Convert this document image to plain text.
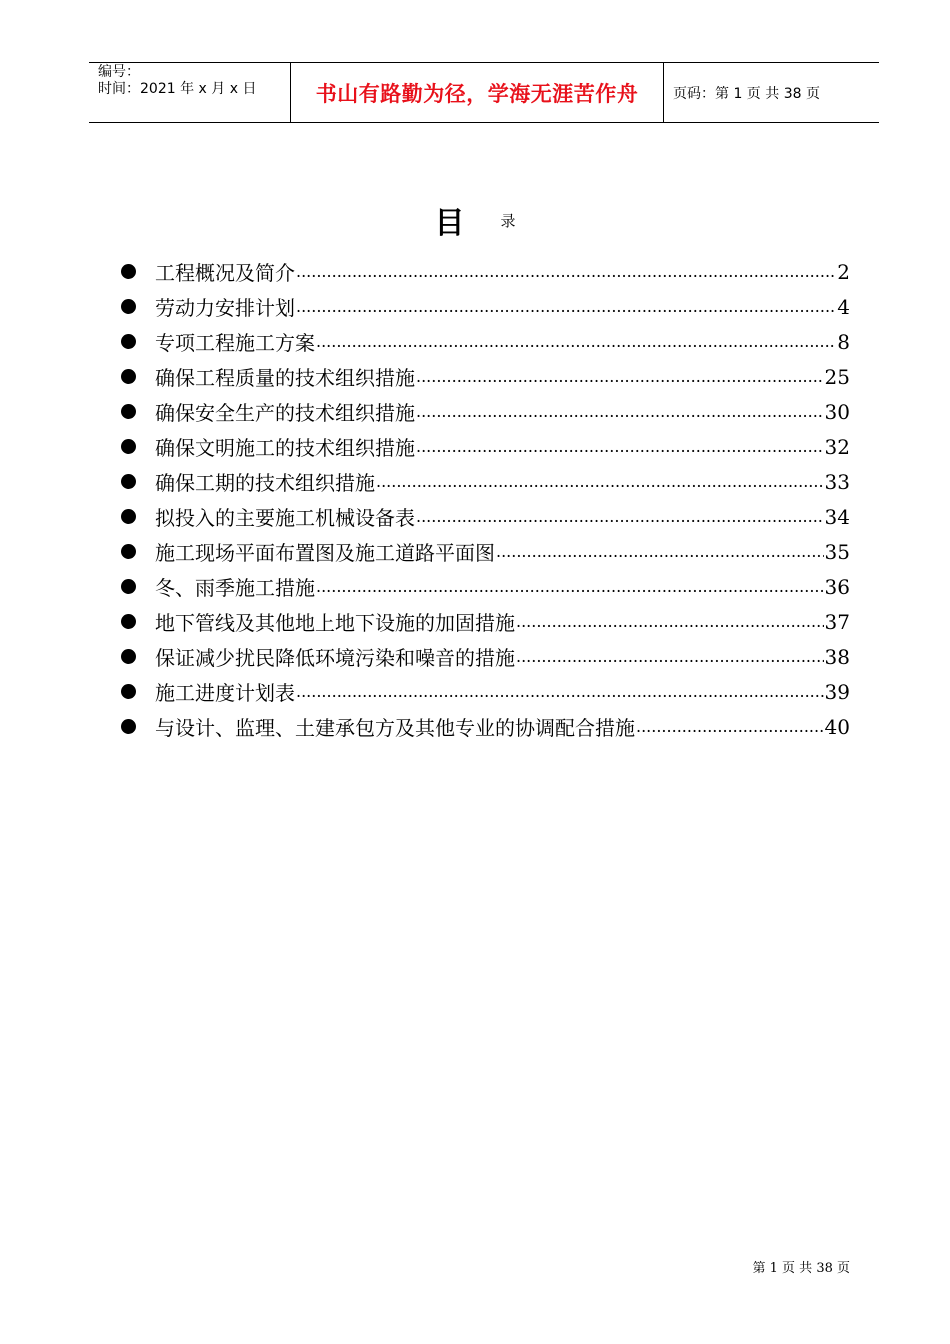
编号：
时间：2021 年 x 月 x 日	书山有路勤为径，学海无涯苦作舟	页码：第 1 页 共 38 页
目 录
工程概况及简介 .....	2
劳动力安排计划 .....	4
专项工程施工方案 .....	8
确保工程质量的技术组织措施 .....	25
确保安全生产的技术组织措施 .....	30
确保文明施工的技术组织措施 .....	32
确保工期的技术组织措施 .....	33
拟投入的主要施工机械设备表 .....	34
施工现场平面布置图及施工道路平面图 .....	35
冬、雨季施工措施 .....	36
地下管线及其他地上地下设施的加固措施 .....	37
保证减少扰民降低环境污染和噪音的措施 .....	38
施工进度计划表 .....	39
与设计、监理、土建承包方及其他专业的协调配合措施 .....	40
第 1 页 共 38 页
